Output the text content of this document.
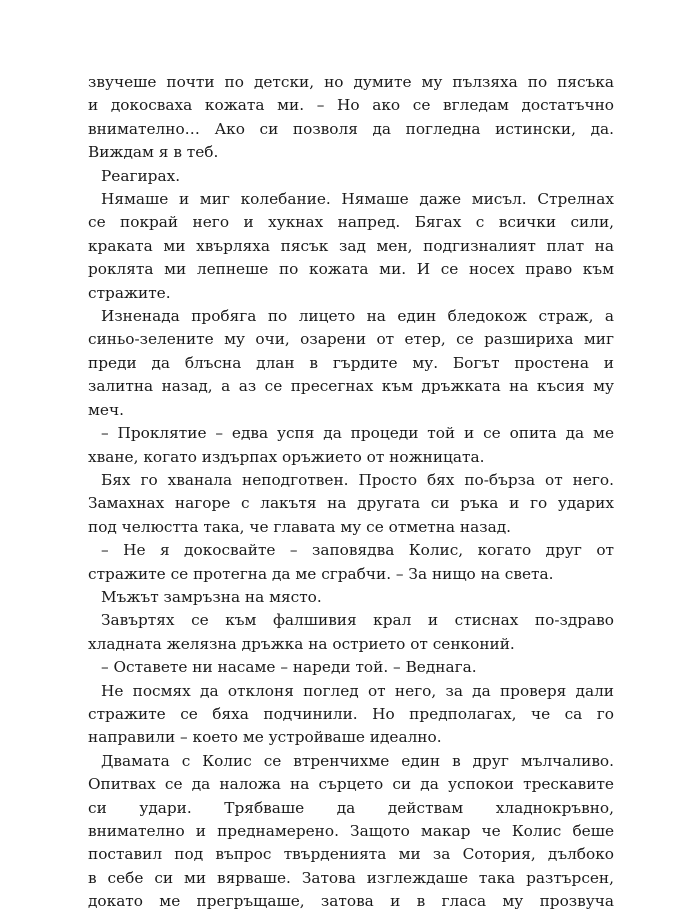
звучеше почти по детски, но думите му пълзяха по пясъка
и докосваха кожата ми. – Но ако се вгледам достатъчно
внимателно… Ако си позволя да погледна истински, да.
Виждам я в теб.
Реагирах.
Нямаше и миг колебание. Нямаше даже мисъл. Стрелнах
се покрай него и хукнах напред. Бягах с всички сили,
краката ми хвърляха пясък зад мен, подгизналият плат на
роклята ми лепнеше по кожата ми. И се носех право към
стражите.
Изненада пробяга по лицето на един бледокож страж, а
синьо-зелените му очи, озарени от етер, се разшириха миг
преди да блъсна длан в гърдите му. Богът простена и
залитна назад, а аз се пресегнах към дръжката на късия му
меч.
– Проклятие – едва успя да процеди той и се опита да ме
хване, когато издърпах оръжието от ножницата.
Бях го хванала неподготвен. Просто бях по-бърза от него.
Замахнах нагоре с лакътя на другата си ръка и го ударих
под челюстта така, че главата му се отметна назад.
– Не я докосвайте – заповядва Колис, когато друг от
стражите се протегна да ме сграбчи. – За нищо на света.
Мъжът замръзна на място.
Завъртях се към фалшивия крал и стиснах по-здраво
хладната желязна дръжка на острието от сенконий.
– Оставете ни насаме – нареди той. – Веднага.
Не посмях да отклоня поглед от него, за да проверя дали
стражите се бяха подчинили. Но предполагах, че са го
направили – което ме устройваше идеално.
Двамата с Колис се втренчихме един в друг мълчаливо.
Опитвах се да наложа на сърцето си да успокои трескавите
си удари. Трябваше да действам хладнокръвно,
внимателно и преднамерено. Защото макар че Колис беше
поставил под въпрос твърденията ми за Сотория, дълбоко
в себе си ми вярваше. Затова изглеждаше така разтърсен,
докато ме прегръщаше, затова и в гласа му прозвуча
